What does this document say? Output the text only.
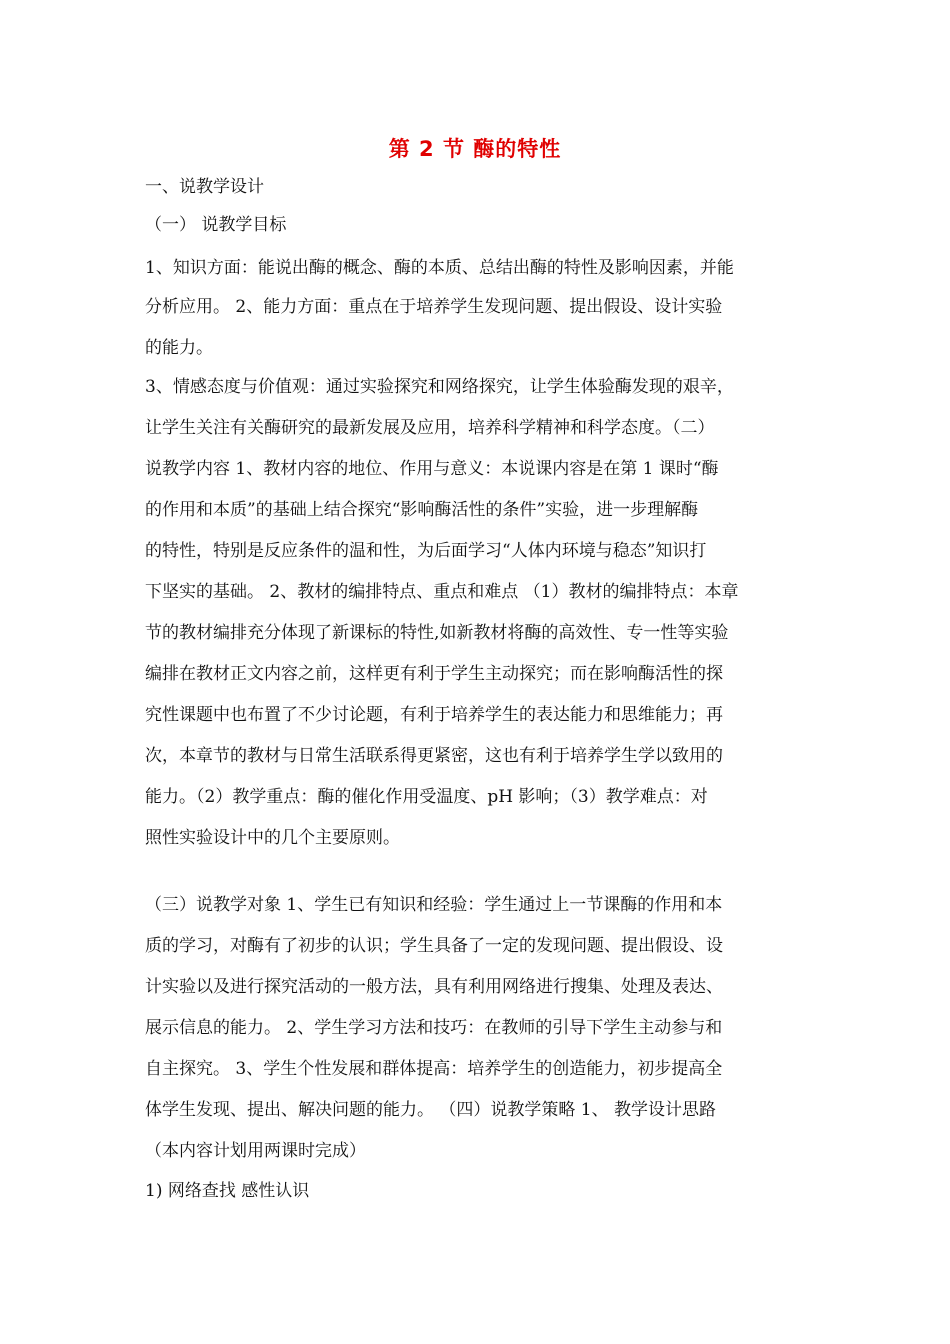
第 2 节 酶的特性
一、说教学设计
（一） 说教学目标
1、知识方面：能说出酶的概念、酶的本质、总结出酶的特性及影响因素，并能
分析应用。 2、能力方面：重点在于培养学生发现问题、提出假设、设计实验
的能力。
3、情感态度与价值观：通过实验探究和网络探究，让学生体验酶发现的艰辛，
让学生关注有关酶研究的最新发展及应用，培养科学精神和科学态度。（二）
说教学内容 1、教材内容的地位、作用与意义：本说课内容是在第 1 课时“酶
的作用和本质”的基础上结合探究“影响酶活性的条件”实验，进一步理解酶
的特性，特别是反应条件的温和性，为后面学习“人体内环境与稳态”知识打
下坚实的基础。 2、教材的编排特点、重点和难点 （1）教材的编排特点：本章
节的教材编排充分体现了新课标的特性,如新教材将酶的高效性、专一性等实验
编排在教材正文内容之前，这样更有利于学生主动探究；而在影响酶活性的探
究性课题中也布置了不少讨论题，有利于培养学生的表达能力和思维能力；再
次，本章节的教材与日常生活联系得更紧密，这也有利于培养学生学以致用的
能力。（2）教学重点：酶的催化作用受温度、pH 影响；（3）教学难点：对
照性实验设计中的几个主要原则。
（三）说教学对象 1、学生已有知识和经验：学生通过上一节课酶的作用和本
质的学习，对酶有了初步的认识；学生具备了一定的发现问题、提出假设、设
计实验以及进行探究活动的一般方法，具有利用网络进行搜集、处理及表达、
展示信息的能力。 2、学生学习方法和技巧：在教师的引导下学生主动参与和
自主探究。 3、学生个性发展和群体提高：培养学生的创造能力，初步提高全
体学生发现、提出、解决问题的能力。 （四）说教学策略 1、 教学设计思路
（本内容计划用两课时完成）
1) 网络查找 感性认识
